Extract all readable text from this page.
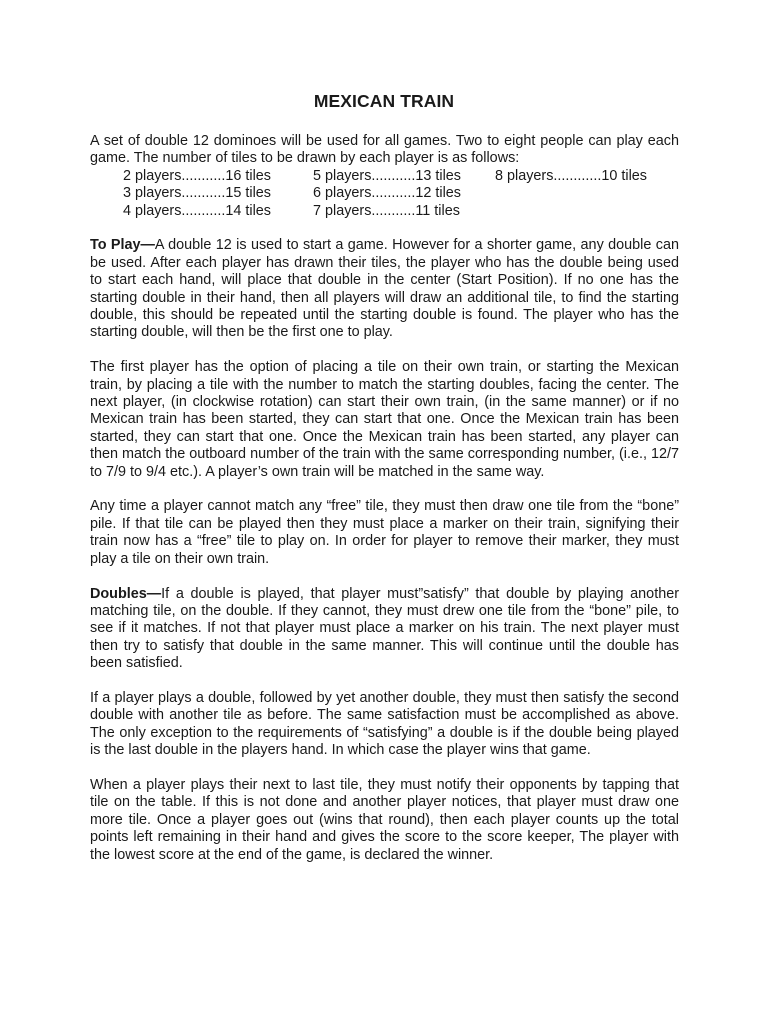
MEXICAN TRAIN

A set of double 12 dominoes will be used for all games. Two to eight people can play each game. The number of tiles to be drawn by each player is as follows:

2 players...........16 tiles	5 players...........13 tiles	8 players............10 tiles
3 players...........15 tiles	6 players...........12 tiles	
4 players...........14 tiles	7 players...........11 tiles	

To Play—A double 12 is used to start a game. However for a shorter game, any double can be used. After each player has drawn their tiles, the player who has the double being used to start each hand, will place that double in the center (Start Position). If no one has the starting double in their hand, then all players will draw an additional tile, to find the starting double, this should be repeated until the starting double is found. The player who has the starting double, will then be the first one to play.

The first player has the option of placing a tile on their own train, or starting the Mexican train, by placing a tile with the number to match the starting doubles, facing the center. The next player, (in clockwise rotation) can start their own train, (in the same manner) or if no Mexican train has been started, they can start that one. Once the Mexican train has been started, they can start that one. Once the Mexican train has been started, any player can then match the outboard number of the train with the same corresponding number, (i.e., 12/7 to 7/9 to 9/4 etc.). A player’s own train will be matched in the same way.

Any time a player cannot match any “free” tile, they must then draw one tile from the “bone” pile. If that tile can be played then they must place a marker on their train, signifying their train now has a “free” tile to play on. In order for player to remove their marker, they must play a tile on their own train.

Doubles—If a double is played, that player must”satisfy” that double by playing another matching tile, on the double. If they cannot, they must drew one tile from the “bone” pile, to see if it matches. If not that player must place a marker on his train. The next player must then try to satisfy that double in the same manner. This will continue until the double has been satisfied.

If a player plays a double, followed by yet another double, they must then satisfy the second double with another tile as before. The same satisfaction must be accomplished as above. The only exception to the requirements of “satisfying” a double is if the double being played is the last double in the players hand. In which case the player wins that game.

When a player plays their next to last tile, they must notify their opponents by tapping that tile on the table. If this is not done and another player notices, that player must draw one more tile. Once a player goes out (wins that round), then each player counts up the total points left remaining in their hand and gives the score to the score keeper, The player with the lowest score at the end of the game, is declared the winner.
